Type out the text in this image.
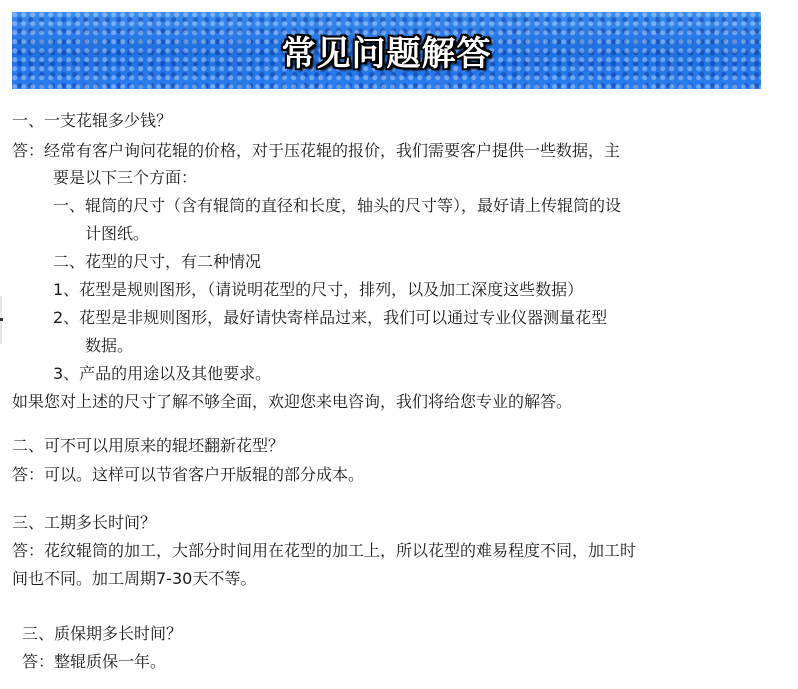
常见问题解答
一、一支花辊多少钱？
答：经常有客户询问花辊的价格，对于压花辊的报价，我们需要客户提供一些数据，主
要是以下三个方面：
一、辊筒的尺寸（含有辊筒的直径和长度，轴头的尺寸等），最好请上传辊筒的设
计图纸。
二、花型的尺寸，有二种情况
1、花型是规则图形，（请说明花型的尺寸，排列，以及加工深度这些数据）
2、花型是非规则图形，最好请快寄样品过来，我们可以通过专业仪器测量花型
数据。
3、产品的用途以及其他要求。
如果您对上述的尺寸了解不够全面，欢迎您来电咨询，我们将给您专业的解答。
二、可不可以用原来的辊坯翻新花型？
答：可以。这样可以节省客户开版辊的部分成本。
三、工期多长时间？
答：花纹辊筒的加工，大部分时间用在花型的加工上，所以花型的难易程度不同，加工时
间也不同。加工周期7-30天不等。
三、质保期多长时间？
答：整辊质保一年。
